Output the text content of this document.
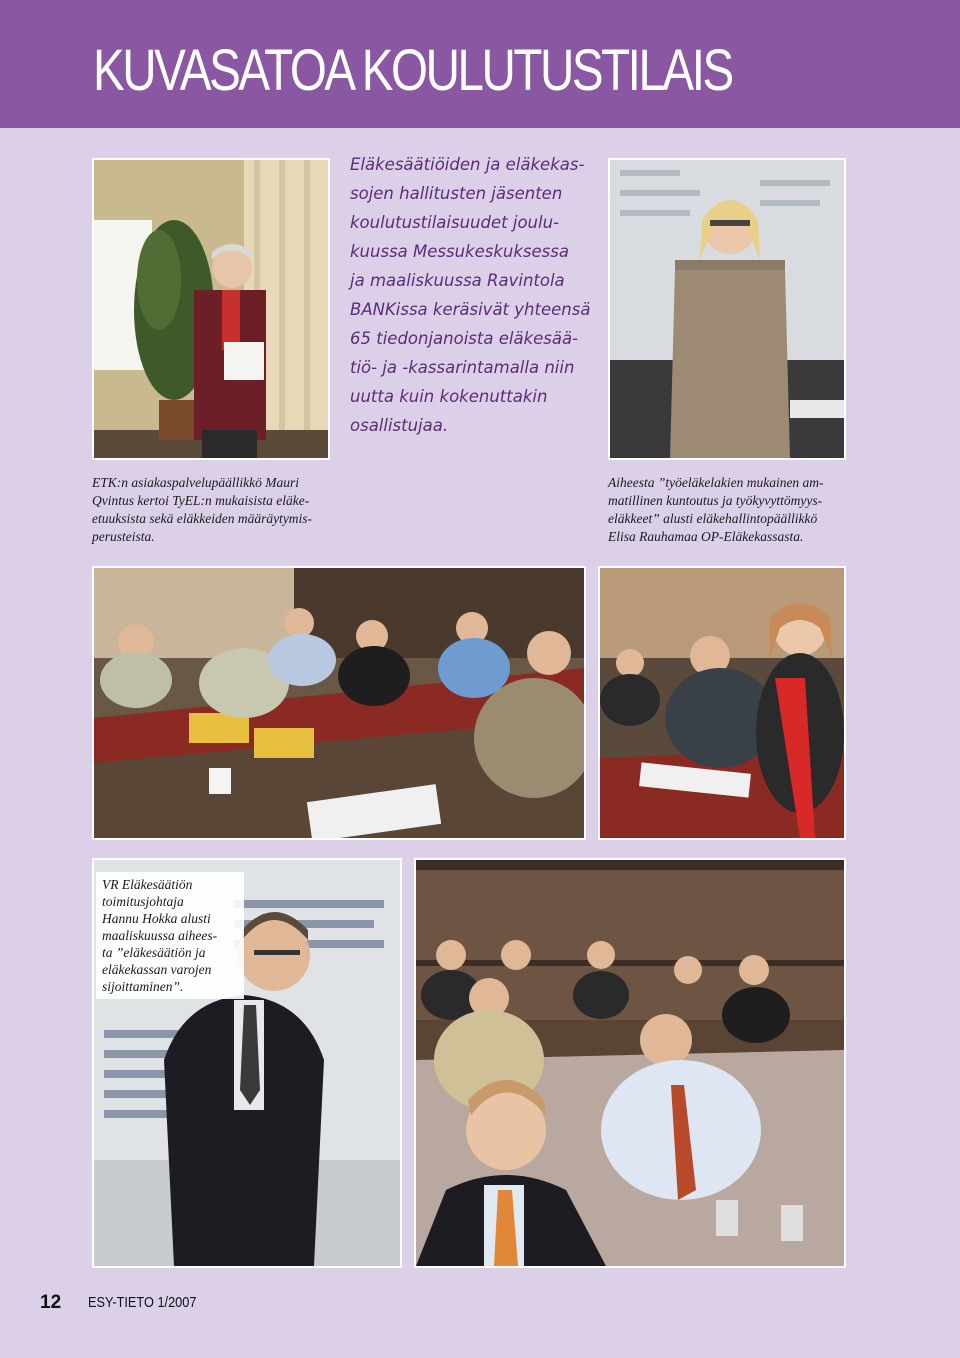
KUVASATOA KOULUTUSTILAIS

Eläkesäätiöiden ja eläkekas-
sojen hallitusten jäsenten
koulutustilaisuudet joulu-
kuussa Messukeskuksessa
ja maaliskuussa Ravintola
BANKissa keräsivät yhteensä
65 tiedonjanoista eläkesää-
tiö- ja -kassarintamalla niin
uutta kuin kokenuttakin
osallistujaa.

ETK:n asiakaspalvelupäällikkö Mauri
Qvintus kertoi TyEL:n mukaisista eläke-
etuuksista sekä eläkkeiden määräytymis-
perusteista.

Aiheesta ”työeläkelakien mukainen am-
matillinen kuntoutus ja työkyvyttömyys-
eläkkeet” alusti eläkehallintopäällikkö
Elisa Rauhamaa OP-Eläkekassasta.

VR Eläkesäätiön
toimitusjohtaja
Hannu Hokka alusti
maaliskuussa aihees-
ta ”eläkesäätiön ja
eläkekassan varojen
sijoittaminen”.
12 ESY-TIETO 1/2007
